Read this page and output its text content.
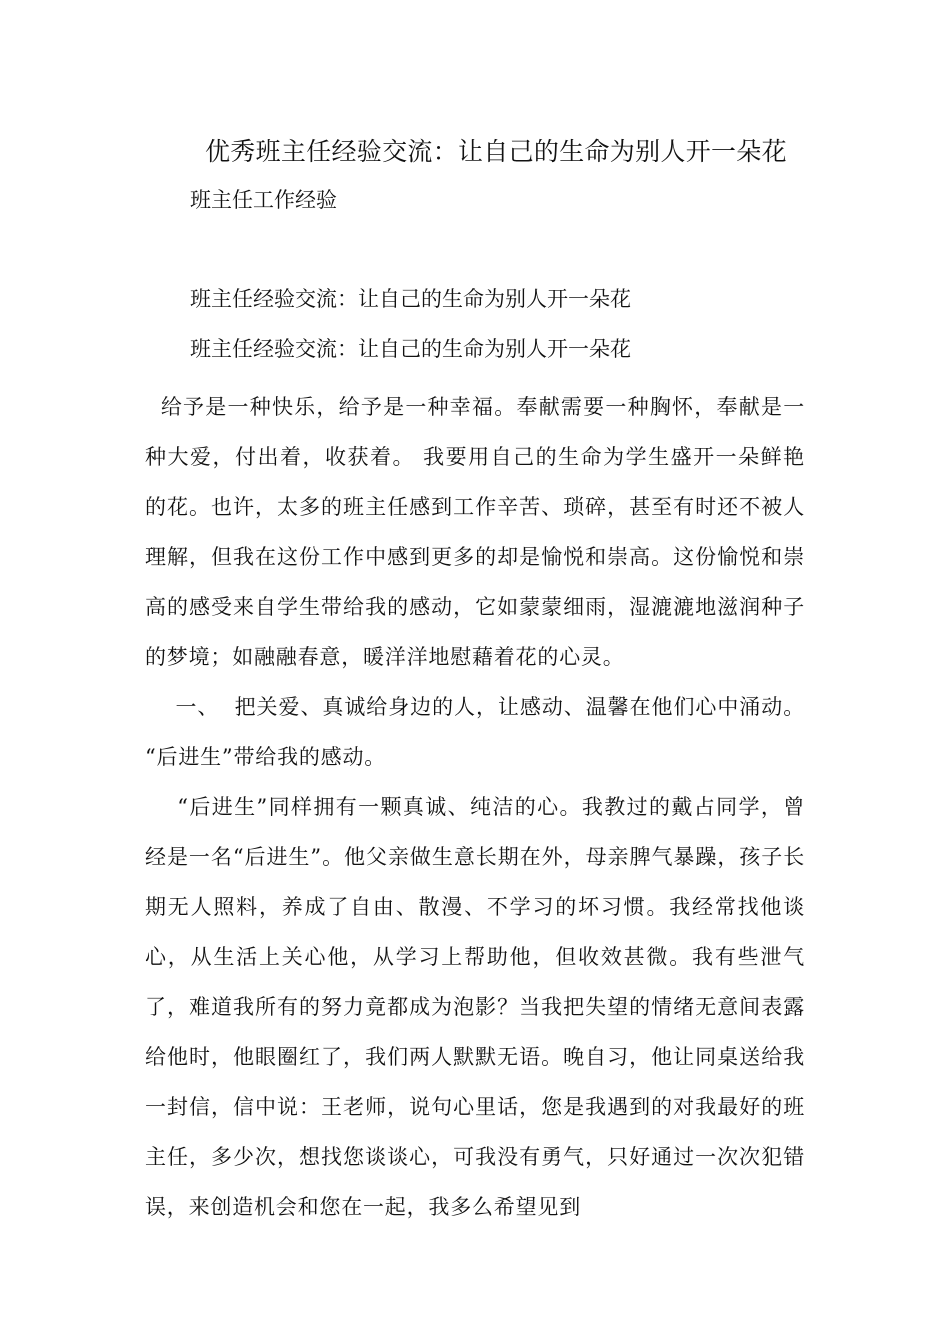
优秀班主任经验交流：让自己的生命为别人开一朵花

班主任工作经验

班主任经验交流：让自己的生命为别人开一朵花

班主任经验交流：让自己的生命为别人开一朵花

给予是一种快乐，给予是一种幸福。奉献需要一种胸怀，奉献是一种大爱，付出着，收获着。 我要用自己的生命为学生盛开一朵鲜艳的花。也许，太多的班主任感到工作辛苦、琐碎，甚至有时还不被人理解，但我在这份工作中感到更多的却是愉悦和崇高。这份愉悦和崇高的感受来自学生带给我的感动，它如蒙蒙细雨，湿漉漉地滋润种子的梦境；如融融春意，暖洋洋地慰藉着花的心灵。

一、  把关爱、真诚给身边的人，让感动、温馨在他们心中涌动。 “后进生”带给我的感动。

“后进生”同样拥有一颗真诚、纯洁的心。我教过的戴占同学，曾经是一名“后进生”。他父亲做生意长期在外，母亲脾气暴躁，孩子长期无人照料，养成了自由、散漫、不学习的坏习惯。我经常找他谈心，从生活上关心他，从学习上帮助他，但收效甚微。我有些泄气了，难道我所有的努力竟都成为泡影？当我把失望的情绪无意间表露给他时，他眼圈红了，我们两人默默无语。晚自习，他让同桌送给我一封信，信中说：王老师，说句心里话，您是我遇到的对我最好的班主任，多少次，想找您谈谈心，可我没有勇气，只好通过一次次犯错误，来创造机会和您在一起，我多么希望见到
